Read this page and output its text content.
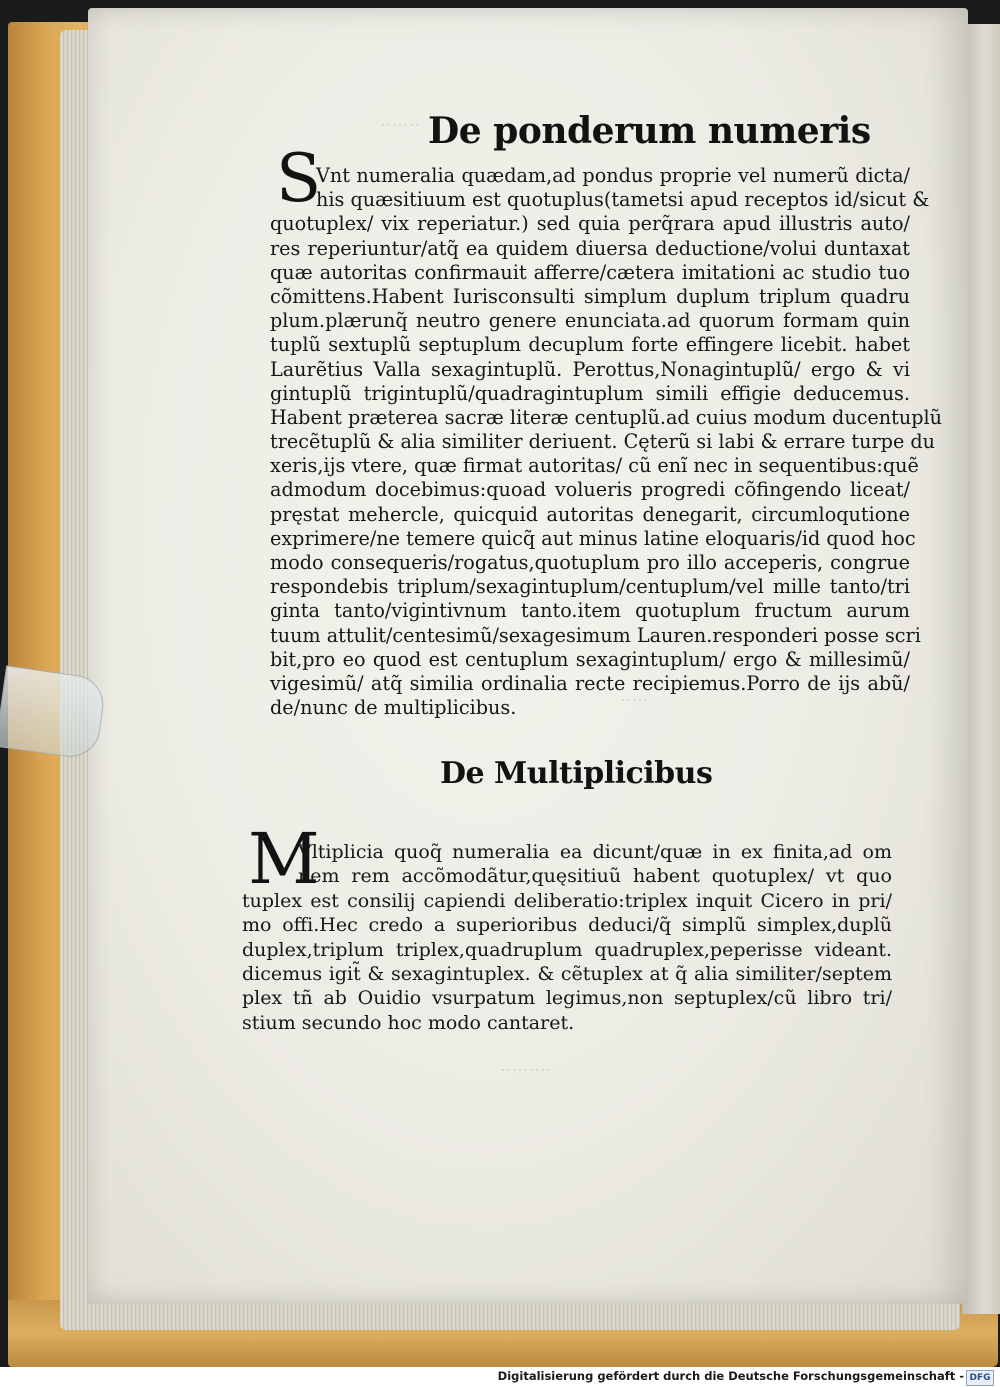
·······
·····
·········
De ponderum numeris
S
Vnt numeralia quædam,ad pondus proprie vel numerũ dicta/
his quæsitiuum est quotuplus(tametsi apud receptos id/sicut &
quotuplex/ vix reperiatur.) sed quia perq̃rara apud illustris auto/
res reperiuntur/atq̃ ea quidem diuersa deductione/volui duntaxat
quæ autoritas confirmauit afferre/cætera imitationi ac studio tuo
cõmittens.Habent Iurisconsulti simplum duplum triplum quadru
plum.plærunq̃ neutro genere enunciata.ad quorum formam quin
tuplũ sextuplũ septuplum decuplum forte effingere licebit. habet
Laurẽtius Valla sexagintuplũ. Perottus,Nonagintuplũ/ ergo & vi
gintuplũ trigintuplũ/quadragintuplum simili effigie deducemus.
Habent præterea sacræ literæ centuplũ.ad cuius modum ducentuplũ
trecẽtuplũ & alia similiter deriuent. Cęterũ si labi & errare turpe du
xeris,ijs vtere, quæ firmat autoritas/ cũ enĩ nec in sequentibus:quẽ
admodum docebimus:quoad volueris progredi cõfingendo liceat/
pręstat mehercle, quicquid autoritas denegarit, circumloqutione
exprimere/ne temere quicq̃ aut minus latine eloquaris/id quod hoc
modo consequeris/rogatus,quotuplum pro illo acceperis, congrue
respondebis triplum/sexagintuplum/centuplum/vel mille tanto/tri
ginta tanto/vigintivnum tanto.item quotuplum fructum aurum
tuum attulit/centesimũ/sexagesimum Lauren.responderi posse scri
bit,pro eo quod est centuplum sexagintuplum/ ergo & millesimũ/
vigesimũ/ atq̃ similia ordinalia recte recipiemus.Porro de ijs abũ/
de/nunc de multiplicibus.
De Multiplicibus
M
Vltiplicia quoq̃ numeralia ea dicunt/quæ in ex finita,ad om
nem rem accõmodãtur,quęsitiuũ habent quotuplex/ vt quo
tuplex est consilij capiendi deliberatio:triplex inquit Cicero in pri/
mo offi.Hec credo a superioribus deduci/q̃ simplũ simplex,duplũ
duplex,triplum triplex,quadruplum quadruplex,peperisse videant.
dicemus igit̃ & sexagintuplex. & cẽtuplex at q̃ alia similiter/septem
plex tñ ab Ouidio vsurpatum legimus,non septuplex/cũ libro tri/
stium secundo hoc modo cantaret.
Digitalisierung gefördert durch die Deutsche Forschungsgemeinschaft - DFG
